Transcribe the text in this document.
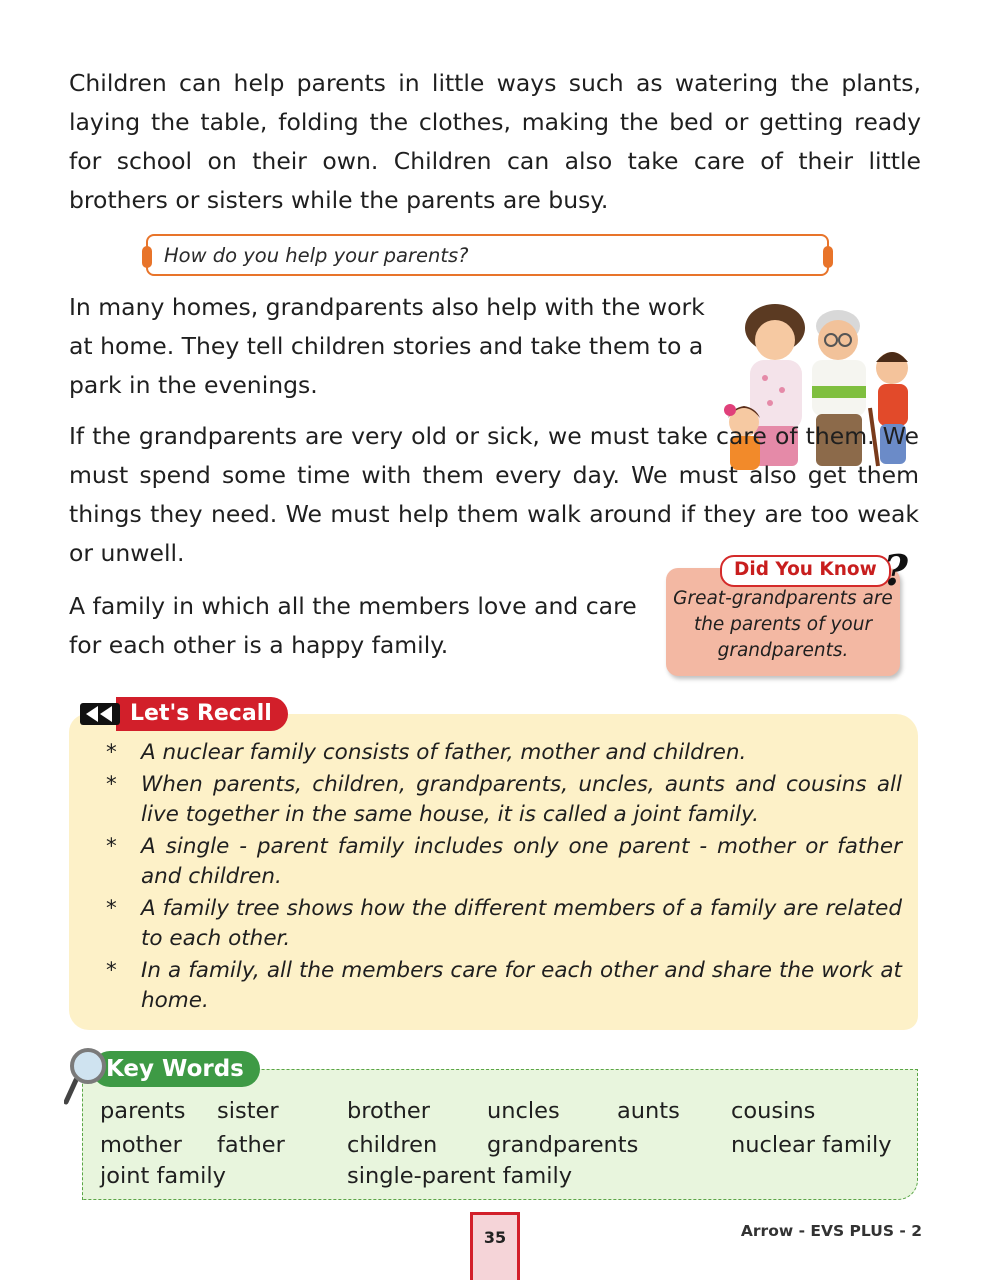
Children can help parents in little ways such as watering the plants, laying the table, folding the clothes, making the bed or getting ready for school on their own. Children can also take care of their little brothers or sisters while the parents are busy.

How do you help your parents?

In many homes, grandparents also help with the work at home. They tell children stories and take them to a park in the evenings.

If the grandparents are very old or sick, we must take care of them. We must spend some time with them every day. We must also get them things they need. We must help them walk around if they are too weak or unwell.

A family in which all the members love and care for each other is a happy family.

Did You Know ?
Great-grandparents are the parents of your grandparents.
Let's Recall
* A nuclear family consists of father, mother and children.
* When parents, children, grandparents, uncles, aunts and cousins all live together in the same house, it is called a joint family.
* A single - parent family includes only one parent - mother or father and children.
* A family tree shows how the different members of a family are related to each other.
* In a family, all the members care for each other and share the work at home.
Key Words
parents sister	brother	uncles	aunts cousins
mother father	children grandparents	nuclear family
joint family	single-parent family
35	Arrow - EVS PLUS - 2
